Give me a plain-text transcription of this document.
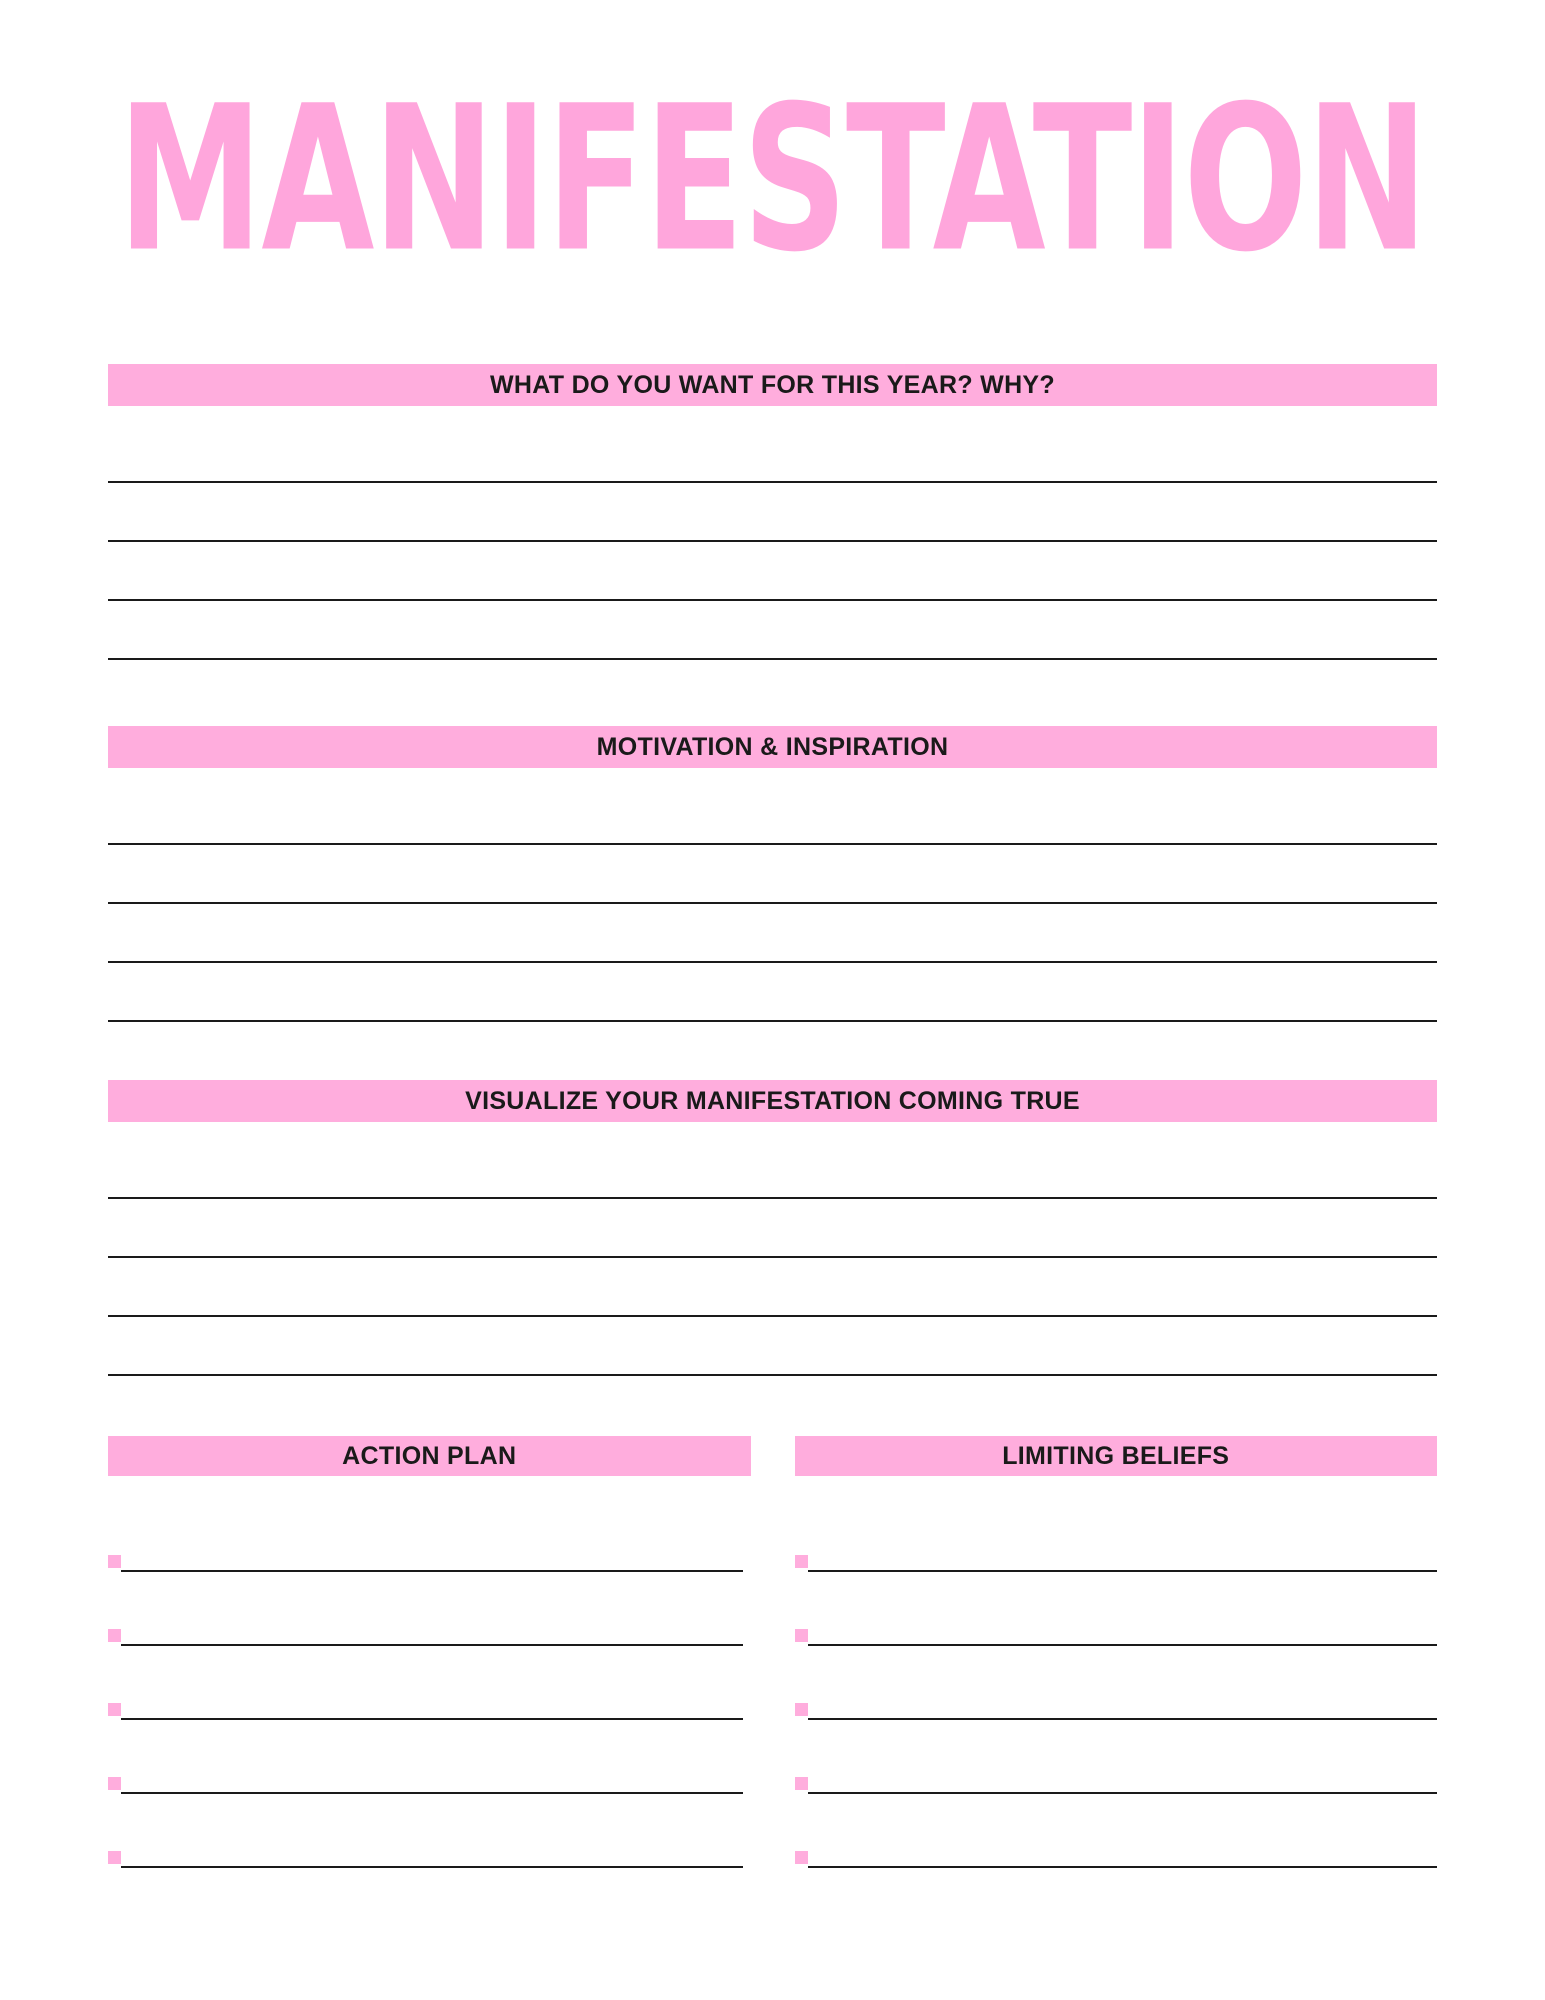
MANIFESTATION
WHAT DO YOU WANT FOR THIS YEAR? WHY?
MOTIVATION & INSPIRATION
VISUALIZE YOUR MANIFESTATION COMING TRUE
ACTION PLAN	LIMITING BELIEFS
